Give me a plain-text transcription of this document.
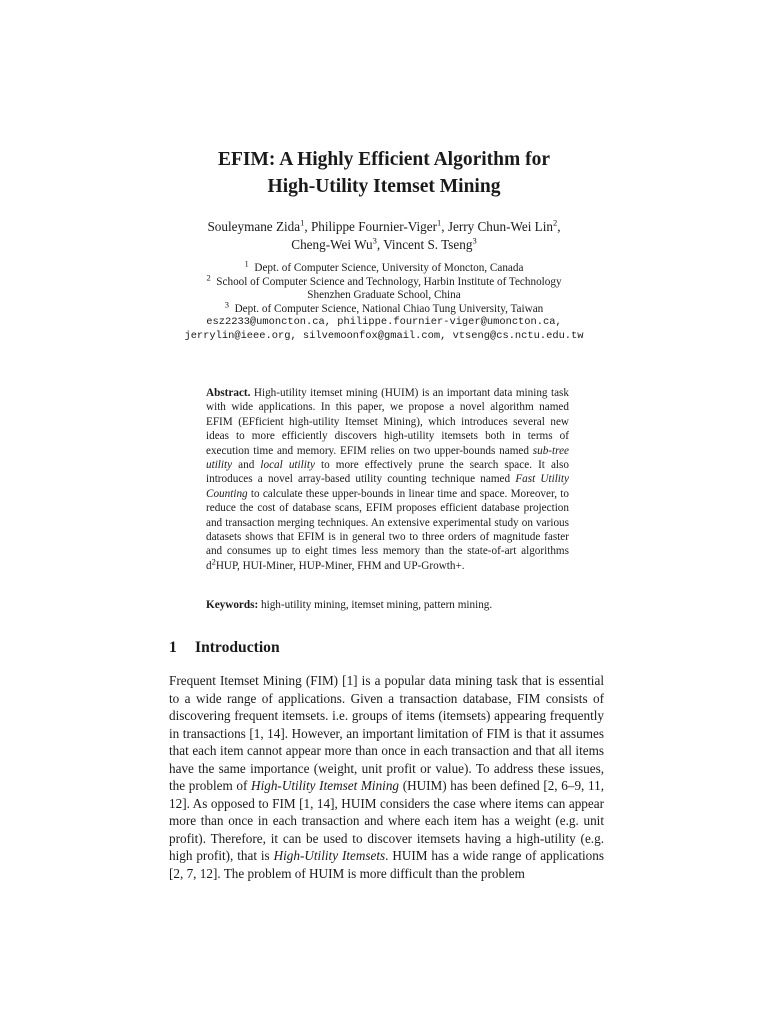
EFIM: A Highly Efficient Algorithm for
High-Utility Itemset Mining
Souleymane Zida$^1$, Philippe Fournier-Viger$^1$, Jerry Chun-Wei Lin$^2$,
Cheng-Wei Wu$^3$, Vincent S. Tseng$^3$
$^1$ Dept. of Computer Science, University of Moncton, Canada
$^2$ School of Computer Science and Technology, Harbin Institute of Technology
Shenzhen Graduate School, China
$^3$ Dept. of Computer Science, National Chiao Tung University, Taiwan
esz2233@umoncton.ca, philippe.fournier-viger@umoncton.ca,
jerrylin@ieee.org, silvemoonfox@gmail.com, vtseng@cs.nctu.edu.tw
Abstract. High-utility itemset mining (HUIM) is an important data mining task with wide applications. In this paper, we propose a novel algorithm named EFIM (EFficient high-utility Itemset Mining), which introduces several new ideas to more efficiently discovers high-utility itemsets both in terms of execution time and memory. EFIM relies on two upper-bounds named sub-tree utility and local utility to more effectively prune the search space. It also introduces a novel array-based utility counting technique named Fast Utility Counting to calculate these upper-bounds in linear time and space. Moreover, to reduce the cost of database scans, EFIM proposes efficient database projection and transaction merging techniques. An extensive experimental study on various datasets shows that EFIM is in general two to three orders of magnitude faster and consumes up to eight times less memory than the state-of-art algorithms $d^2HUP$, HUI-Miner, HUP-Miner, FHM and UP-Growth+.
Keywords: high-utility mining, itemset mining, pattern mining.
1 Introduction

Frequent Itemset Mining (FIM) [1] is a popular data mining task that is essential to a wide range of applications. Given a transaction database, FIM consists of discovering frequent itemsets. i.e. groups of items (itemsets) appearing frequently in transactions [1, 14]. However, an important limitation of FIM is that it assumes that each item cannot appear more than once in each transaction and that all items have the same importance (weight, unit profit or value). To address these issues, the problem of High-Utility Itemset Mining (HUIM) has been defined [2, 6–9, 11, 12]. As opposed to FIM [1, 14], HUIM considers the case where items can appear more than once in each transaction and where each item has a weight (e.g. unit profit). Therefore, it can be used to discover itemsets having a high-utility (e.g. high profit), that is High-Utility Itemsets. HUIM has a wide range of applications [2, 7, 12]. The problem of HUIM is more difficult than the problem
